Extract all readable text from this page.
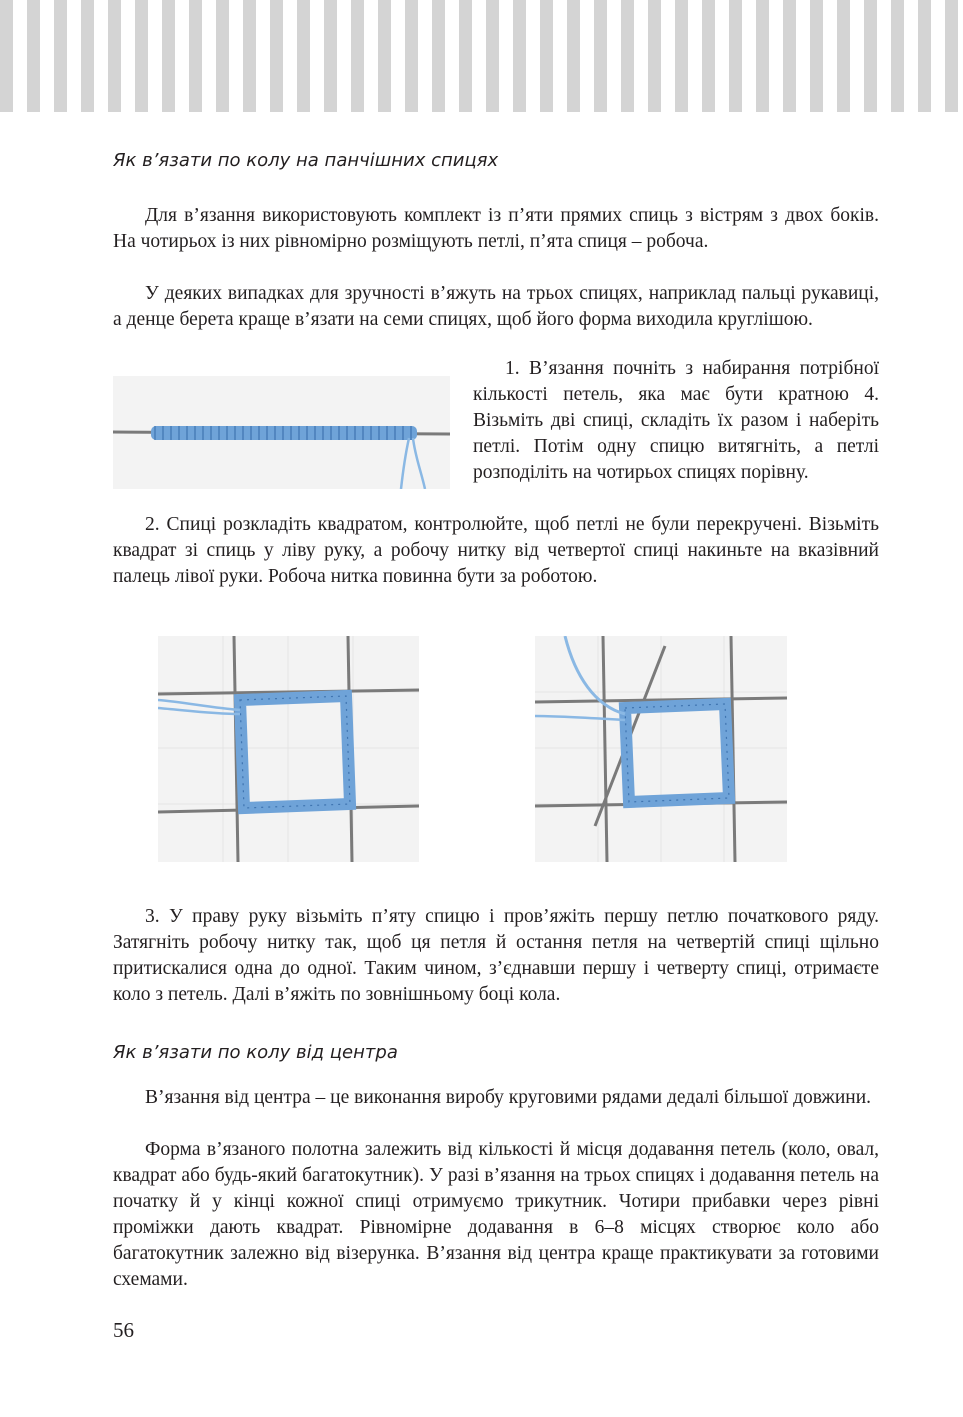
Як в’язати по колу на панчішних спицях

Для в’язання використовують комплект із п’яти прямих спиць з вістрям з двох боків. На чотирьох із них рівномірно розміщують петлі, п’ята спиця – робоча.

У деяких випадках для зручності в’яжуть на трьох спицях, наприклад пальці рукавиці, а денце берета краще в’язати на семи спицях, щоб його форма виходила круглішою.

1. В’язання почніть з набирання потрібної кількості петель, яка має бути кратною 4. Візьміть дві спиці, складіть їх разом і наберіть петлі. Потім одну спицю витягніть, а петлі розподіліть на чотирьох спицях порівну.

2. Спиці розкладіть квадратом, контролюйте, щоб петлі не були перекручені. Візьміть квадрат зі спиць у ліву руку, а робочу нитку від четвертої спиці накиньте на вказівний палець лівої руки. Робоча нитка повинна бути за роботою.

3. У праву руку візьміть п’яту спицю і пров’яжіть першу петлю початкового ряду. Затягніть робочу нитку так, щоб ця петля й остання петля на четвертій спиці щільно притискалися одна до одної. Таким чином, з’єднавши першу і четверту спиці, отримаєте коло з петель. Далі в’яжіть по зовнішньому боці кола.

Як в’язати по колу від центра

В’язання від центра – це виконання виробу круговими рядами дедалі більшої довжини.

Форма в’язаного полотна залежить від кількості й місця додавання петель (коло, овал, квадрат або будь-який багатокутник). У разі в’язання на трьох спицях і додавання петель на початку й у кінці кожної спиці отримуємо трикутник. Чотири прибавки через рівні проміжки дають квадрат. Рівномірне додавання в 6–8 місцях створює коло або багатокутник залежно від візерунка. В’язання від центра краще практикувати за готовими схемами.

56
